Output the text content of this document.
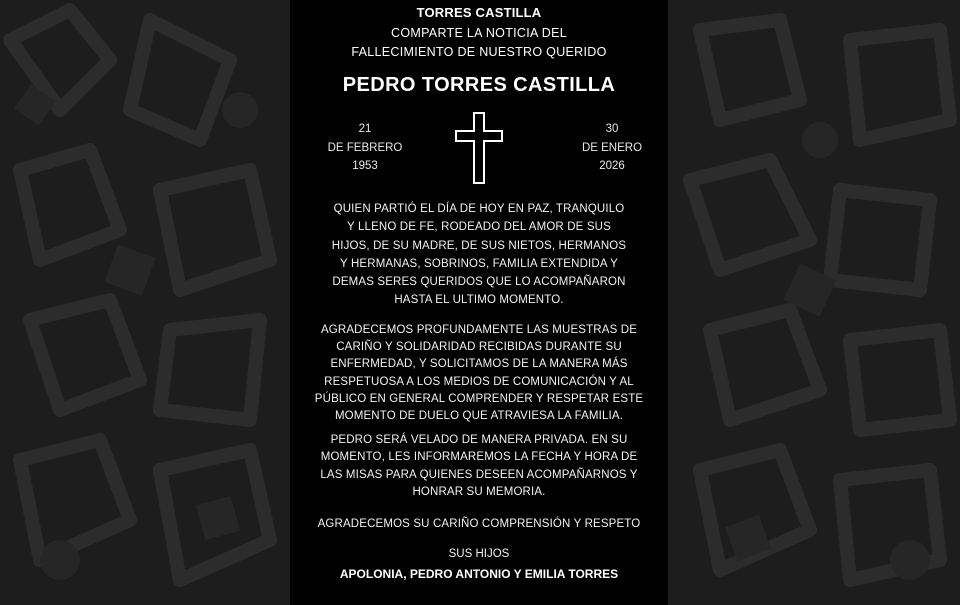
TORRES CASTILLA
COMPARTE LA NOTICIA DEL
FALLECIMIENTO DE NUESTRO QUERIDO
PEDRO TORRES CASTILLA
21
DE FEBRERO
1953
30
DE ENERO
2026
QUIEN PARTIÓ EL DÍA DE HOY EN PAZ, TRANQUILO
Y LLENO DE FE, RODEADO DEL AMOR DE SUS
HIJOS, DE SU MADRE, DE SUS NIETOS, HERMANOS
Y HERMANAS, SOBRINOS, FAMILIA EXTENDIDA Y
DEMAS SERES QUERIDOS QUE LO ACOMPAÑARON
HASTA EL ULTIMO MOMENTO.
AGRADECEMOS PROFUNDAMENTE LAS MUESTRAS DE
CARIÑO Y SOLIDARIDAD RECIBIDAS DURANTE SU
ENFERMEDAD, Y SOLICITAMOS DE LA MANERA MÁS
RESPETUOSA A LOS MEDIOS DE COMUNICACIÓN Y AL
PÚBLICO EN GENERAL COMPRENDER Y RESPETAR ESTE
MOMENTO DE DUELO QUE ATRAVIESA LA FAMILIA.
PEDRO SERÁ VELADO DE MANERA PRIVADA. EN SU
MOMENTO, LES INFORMAREMOS LA FECHA Y HORA DE
LAS MISAS PARA QUIENES DESEEN ACOMPAÑARNOS Y
HONRAR SU MEMORIA.
AGRADECEMOS SU CARIÑO COMPRENSIÓN Y RESPETO
SUS HIJOS
APOLONIA, PEDRO ANTONIO Y EMILIA TORRES
